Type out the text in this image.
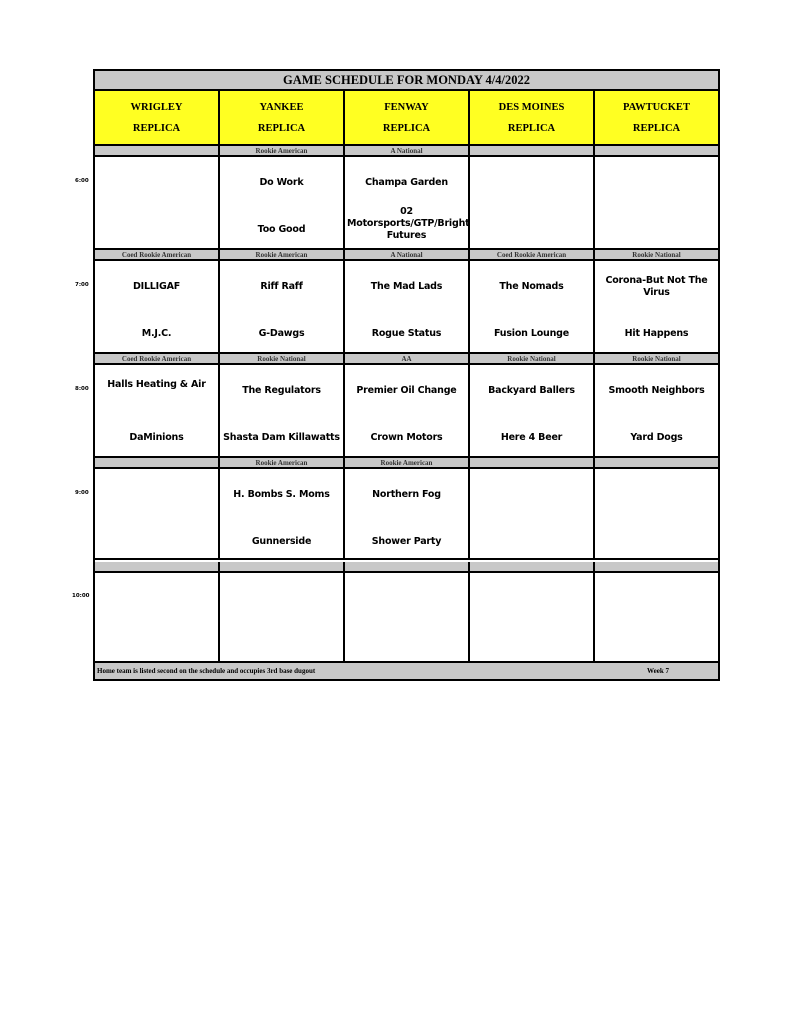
6:00
7:00
8:00
9:00
10:00
GAME SCHEDULE FOR MONDAY 4/4/2022
Home team is listed second on the schedule and occupies 3rd base dugout	Week 7
WRIGLEY
REPLICA
YANKEE
REPLICA
FENWAY
REPLICA
DES MOINES
REPLICA
PAWTUCKET
REPLICA
Rookie American
Do Work
Too Good
A National
Champa Garden
02 Motorsports/GTP/Bright Futures
Coed Rookie American
DILLIGAF
M.J.C.
Rookie American
Riff Raff
G-Dawgs
A National
The Mad Lads
Rogue Status
Coed Rookie American
The Nomads
Fusion Lounge
Rookie National
Corona-But Not The Virus
Hit Happens
Coed Rookie American
Halls Heating & Air
DaMinions
Rookie National
The Regulators
Shasta Dam Killawatts
AA
Premier Oil Change
Crown Motors
Rookie National
Backyard Ballers
Here 4 Beer
Rookie National
Smooth Neighbors
Yard Dogs
Rookie American
H. Bombs S. Moms
Gunnerside
Rookie American
Northern Fog
Shower Party
